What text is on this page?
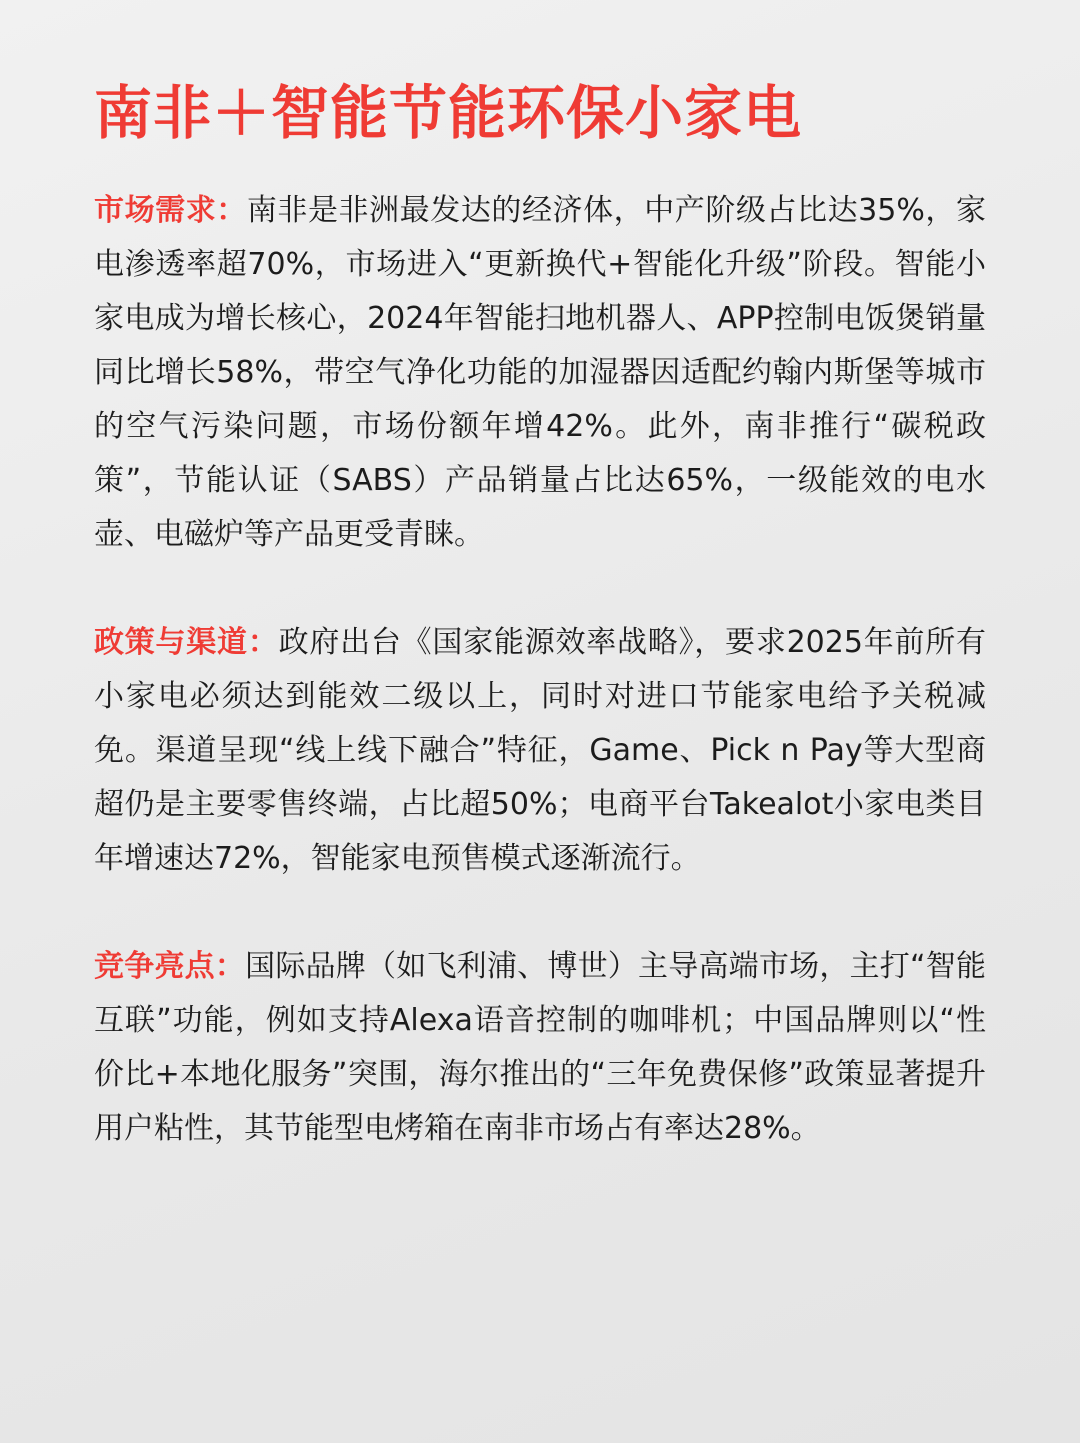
南非＋智能节能环保小家电

市场需求：南非是非洲最发达的经济体，中产阶级占比达35%，家电渗透率超70%，市场进入“更新换代+智能化升级”阶段。智能小家电成为增长核心，2024年智能扫地机器人、APP控制电饭煲销量同比增长58%，带空气净化功能的加湿器因适配约翰内斯堡等城市的空气污染问题，市场份额年增42%。此外，南非推行“碳税政策”，节能认证（SABS）产品销量占比达65%，一级能效的电水壶、电磁炉等产品更受青睐。

政策与渠道：政府出台《国家能源效率战略》，要求2025年前所有小家电必须达到能效二级以上，同时对进口节能家电给予关税减免。渠道呈现“线上线下融合”特征，Game、Pick n Pay等大型商超仍是主要零售终端，占比超50%；电商平台Takealot小家电类目年增速达72%，智能家电预售模式逐渐流行。

竞争亮点：国际品牌（如飞利浦、博世）主导高端市场，主打“智能互联”功能，例如支持Alexa语音控制的咖啡机；中国品牌则以“性价比+本地化服务”突围，海尔推出的“三年免费保修”政策显著提升用户粘性，其节能型电烤箱在南非市场占有率达28%。
